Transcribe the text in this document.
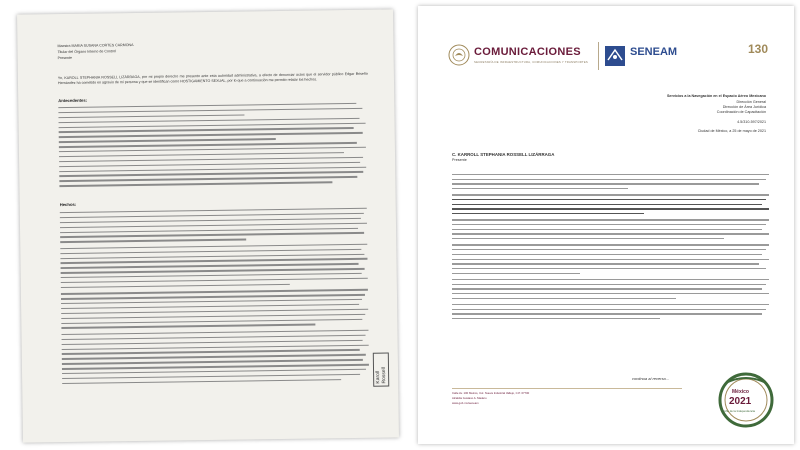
Maestra MARIA SUSANA CORTES CARMONA
Titular del Órgano Interno de Control
Presente
Yo, KAROLL STEPHANIA ROSSELL LIZÁRRAGA, por mi propio derecho me presento ante esta autoridad administrativa, a efecto de denunciar actos que el servidor público Edgar Briseño Hernández ha cometido en agravio de mi persona y que se identifican como HOSTIGAMIENTO SEXUAL, por lo que a continuación me permito relatar los hechos.
Antecedentes:
Hechos:
Karoll Rossell
COMUNICACIONES
SECRETARÍA DE INFRAESTRUCTURA, COMUNICACIONES Y TRANSPORTES
SENEAM	130
Servicios a la Navegación en el Espacio Aéreo Mexicano
Dirección General
Dirección de Área Jurídica
Coordinación de Capacitación
4.5/310-597/2021
Ciudad de México, a 25 de mayo de 2021
C. KARROLL STEPHANIA ROSSELL LIZÁRRAGA
Presente
continua al reverso...
Calle Av. 100 Metros, Col. Nueva Industrial Vallejo, C.P. 07700
Alcaldía Gustavo A. Madero
www.gob.mx/seneam
México
2021
Año de la Independencia
